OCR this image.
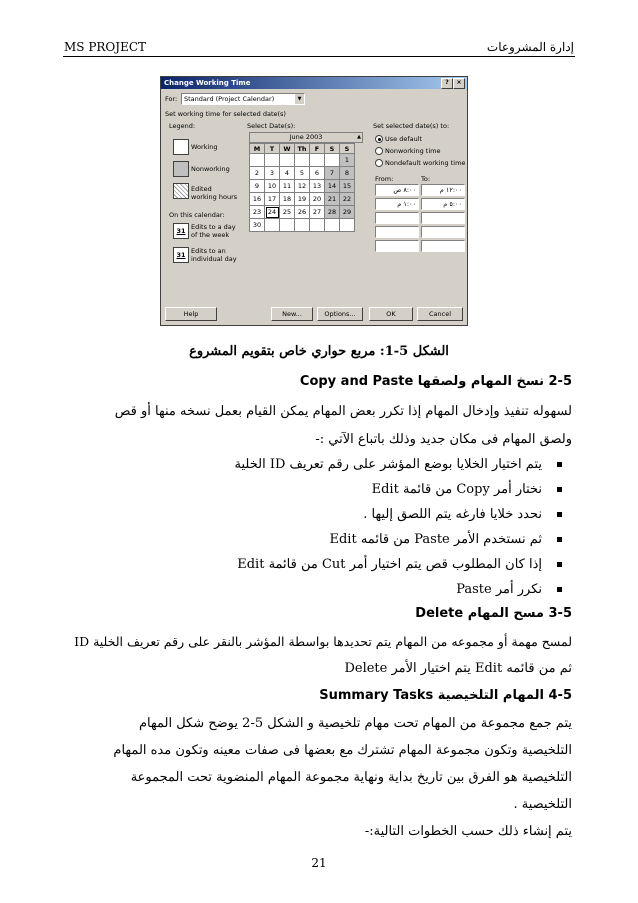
MS PROJECT	إدارة المشروعات
Change Working Time	?	×
For:	Standard (Project Calendar)	▼
Set working time for selected date(s)
Legend:
Working
Nonworking
Edited working hours
On this calendar:
31 Edits to a day of the week
31 Edits to an individual day
Select Date(s):
June 2003	▲
M	T	W	Th	F	S	S
						1
2	3	4	5	6	7	8
9	10	11	12	13	14	15
16	17	18	19	20	21	22
23	24	25	26	27	28	29
30						
Set selected date(s) to:
Use default
Nonworking time
Nondefault working time
From:	To:
Help	New...	Options...	OK	Cancel
٨:٠٠ ص	١٢:٠٠ م
١:٠٠ م	٥:٠٠ م
الشكل 5-1: مربع حواري خاص بتقويم المشروع
2-5 نسخ المهام ولصقها Copy and Paste
لسهوله تنفيذ وإدخال المهام إذا تكرر بعض المهام يمكن القيام بعمل نسخه منها أو قص
ولصق المهام فى مكان جديد وذلك باتباع الآتي :-
يتم اختيار الخلايا بوضع المؤشر على رقم تعريف ID الخلية
نختار أمر Copy من قائمة Edit
نحدد خلايا فارغه يتم اللصق إليها .
ثم نستخدم الأمر Paste من قائمه Edit
إذا كان المطلوب قص يتم اختيار أمر Cut من قائمة Edit
نكرر أمر Paste
3-5 مسح المهام Delete
لمسح مهمة أو مجموعه من المهام يتم تحديدها بواسطة المؤشر بالنقر على رقم تعريف الخلية ID
ثم من قائمه Edit يتم اختيار الأمر Delete
4-5 المهام التلخيصية Summary Tasks
يتم جمع مجموعة من المهام تحت مهام تلخيصية و الشكل 5-2 يوضح شكل المهام
التلخيصية وتكون مجموعة المهام تشترك مع بعضها فى صفات معينه وتكون مده المهام
التلخيصية هو الفرق بين تاريخ بداية ونهاية مجموعة المهام المنضوية تحت المجموعة
التلخيصية .
يتم إنشاء ذلك حسب الخطوات التالية:-
21
